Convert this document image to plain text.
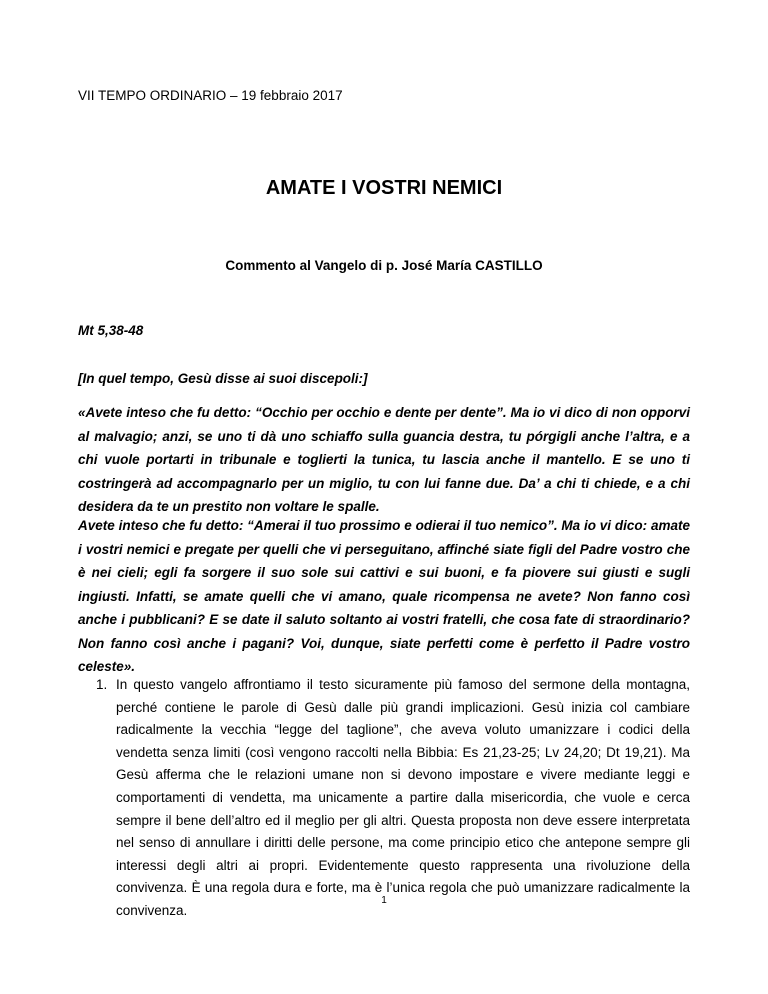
VII TEMPO ORDINARIO – 19 febbraio 2017
AMATE I VOSTRI NEMICI
Commento al Vangelo di p. José María CASTILLO
Mt 5,38-48
[In quel tempo, Gesù disse ai suoi discepoli:]

«Avete inteso che fu detto: “Occhio per occhio e dente per dente”. Ma io vi dico di non opporvi al malvagio; anzi, se uno ti dà uno schiaffo sulla guancia destra, tu pórgigli anche l’altra, e a chi vuole portarti in tribunale e toglierti la tunica, tu lascia anche il mantello. E se uno ti costringerà ad accompagnarlo per un miglio, tu con lui fanne due. Da’ a chi ti chiede, e a chi desidera da te un prestito non voltare le spalle.

Avete inteso che fu detto: “Amerai il tuo prossimo e odierai il tuo nemico”. Ma io vi dico: amate i vostri nemici e pregate per quelli che vi perseguitano, affinché siate figli del Padre vostro che è nei cieli; egli fa sorgere il suo sole sui cattivi e sui buoni, e fa piovere sui giusti e sugli ingiusti. Infatti, se amate quelli che vi amano, quale ricompensa ne avete? Non fanno così anche i pubblicani? E se date il saluto soltanto ai vostri fratelli, che cosa fate di straordinario? Non fanno così anche i pagani? Voi, dunque, siate perfetti come è perfetto il Padre vostro celeste».

1. In questo vangelo affrontiamo il testo sicuramente più famoso del sermone della montagna, perché contiene le parole di Gesù dalle più grandi implicazioni. Gesù inizia col cambiare radicalmente la vecchia “legge del taglione”, che aveva voluto umanizzare i codici della vendetta senza limiti (così vengono raccolti nella Bibbia: Es 21,23-25; Lv 24,20; Dt 19,21). Ma Gesù afferma che le relazioni umane non si devono impostare e vivere mediante leggi e comportamenti di vendetta, ma unicamente a partire dalla misericordia, che vuole e cerca sempre il bene dell’altro ed il meglio per gli altri. Questa proposta non deve essere interpretata nel senso di annullare i diritti delle persone, ma come principio etico che antepone sempre gli interessi degli altri ai propri. Evidentemente questo rappresenta una rivoluzione della convivenza. È una regola dura e forte, ma è l’unica regola che può umanizzare radicalmente la convivenza.

1
